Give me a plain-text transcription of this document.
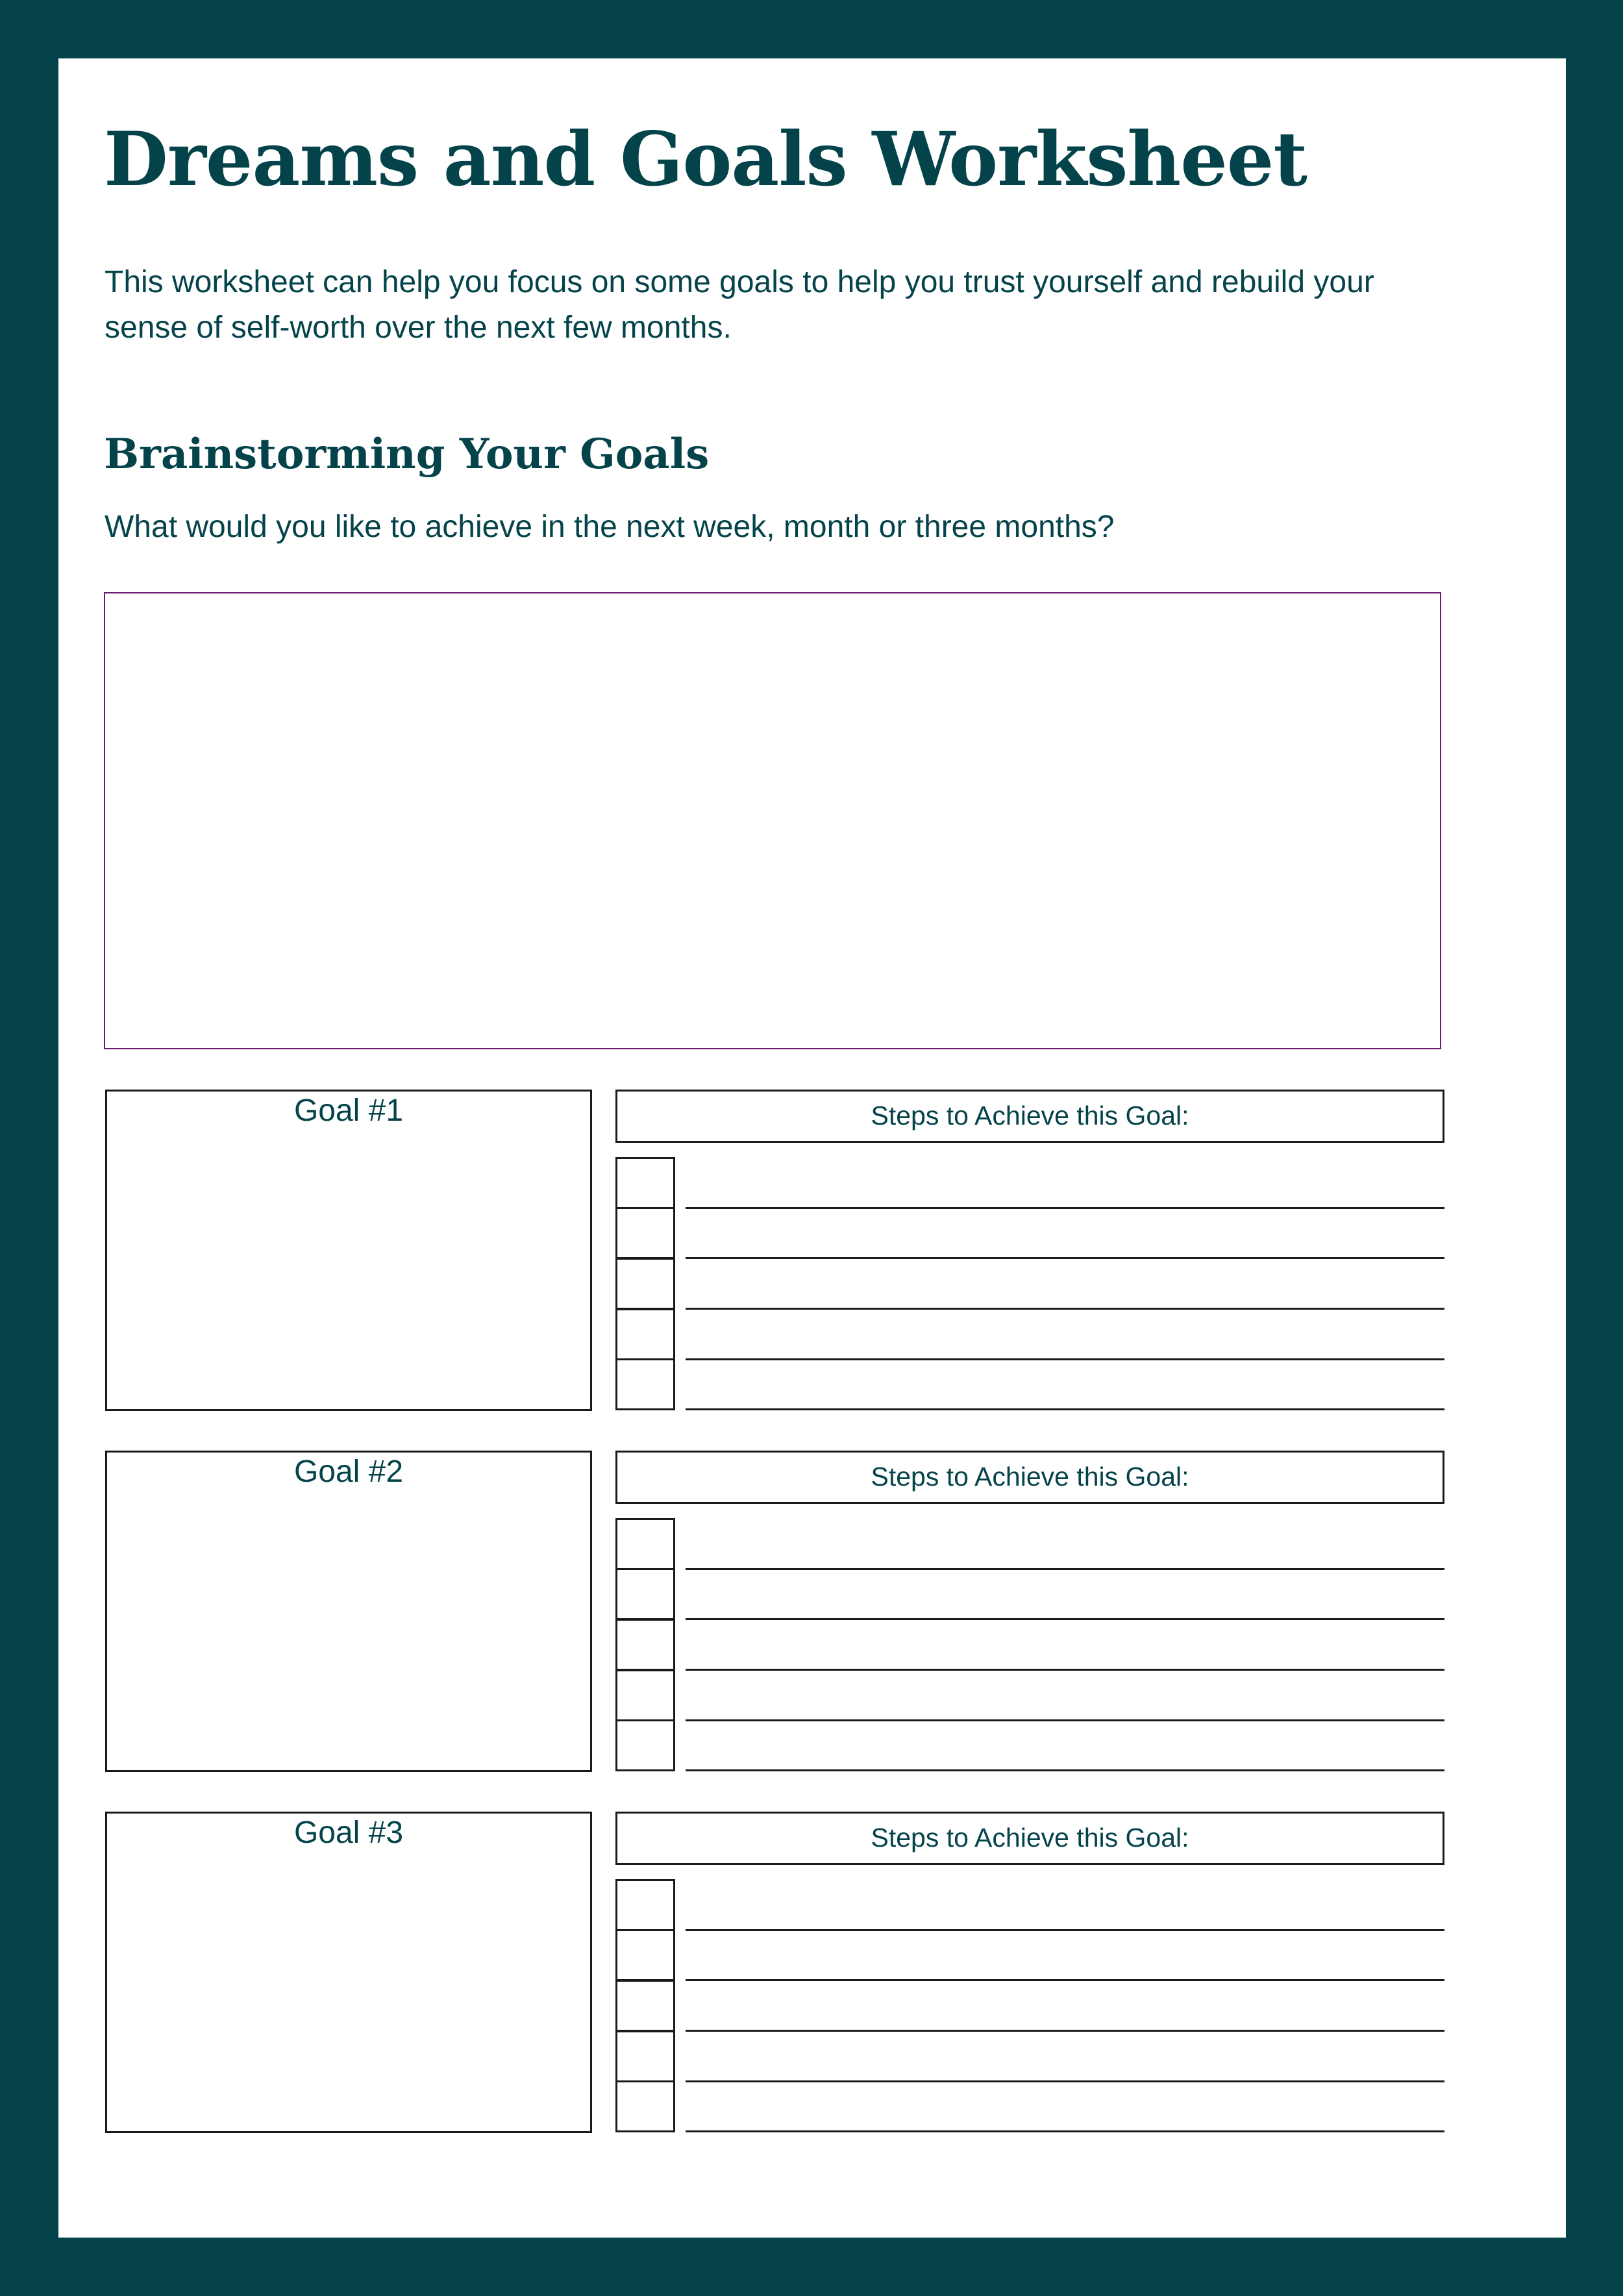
Dreams and Goals Worksheet

This worksheet can help you focus on some goals to help you trust yourself and rebuild your sense of self-worth over the next few months.

Brainstorming Your Goals

What would you like to achieve in the next week, month or three months?

Goal #1	Steps to Achieve this Goal:
Goal #2	Steps to Achieve this Goal:
Goal #3	Steps to Achieve this Goal:
